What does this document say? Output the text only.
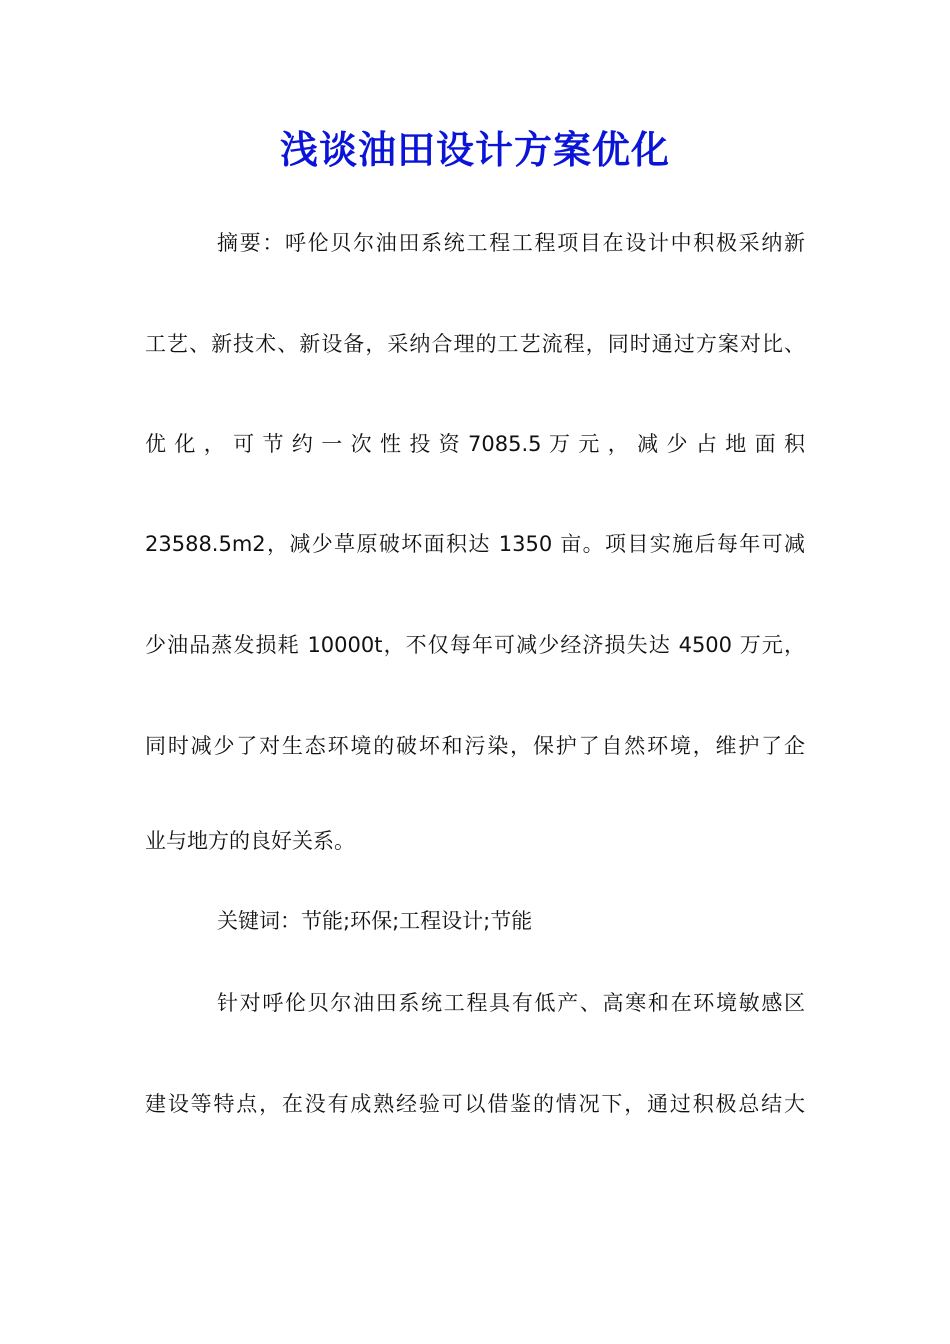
浅谈油田设计方案优化
摘要：呼伦贝尔油田系统工程工程项目在设计中积极采纳新
工艺、新技术、新设备，采纳合理的工艺流程，同时通过方案对比、
优 化 ， 可 节 约 一 次 性 投 资 7085.5 万 元 ， 减 少 占 地 面 积
23588.5m2，减少草原破坏面积达 1350 亩。项目实施后每年可减
少油品蒸发损耗 10000t，不仅每年可减少经济损失达 4500 万元，
同时减少了对生态环境的破坏和污染，保护了自然环境，维护了企
业与地方的良好关系。
关键词：节能;环保;工程设计;节能
针对呼伦贝尔油田系统工程具有低产、高寒和在环境敏感区
建设等特点，在没有成熟经验可以借鉴的情况下，通过积极总结大
